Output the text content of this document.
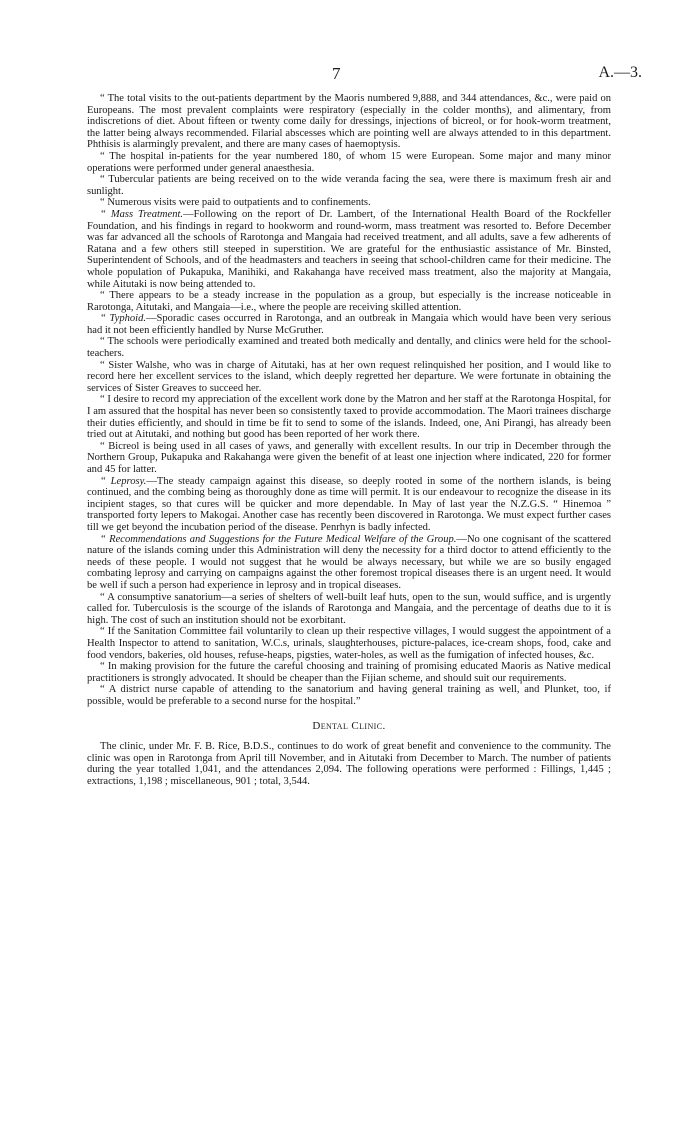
7	A.—3.

“ The total visits to the out-patients department by the Maoris numbered 9,888, and 344 attendances, &c., were paid on Europeans. The most prevalent complaints were respiratory (especially in the colder months), and alimentary, from indiscretions of diet. About fifteen or twenty come daily for dressings, injections of bicreol, or for hook-worm treatment, the latter being always recommended. Filarial abscesses which are pointing well are always attended to in this department. Phthisis is alarmingly prevalent, and there are many cases of haemoptysis.

“ The hospital in-patients for the year numbered 180, of whom 15 were European. Some major and many minor operations were performed under general anaesthesia.

“ Tubercular patients are being received on to the wide veranda facing the sea, were there is maximum fresh air and sunlight.

“ Numerous visits were paid to outpatients and to confinements.

“ Mass Treatment.—Following on the report of Dr. Lambert, of the International Health Board of the Rockfeller Foundation, and his findings in regard to hookworm and round-worm, mass treatment was resorted to. Before December was far advanced all the schools of Rarotonga and Mangaia had received treatment, and all adults, save a few adherents of Ratana and a few others still steeped in superstition. We are grateful for the enthusiastic assistance of Mr. Binsted, Superintendent of Schools, and of the headmasters and teachers in seeing that school-children came for their medicine. The whole population of Pukapuka, Manihiki, and Rakahanga have received mass treatment, also the majority at Mangaia, while Aitutaki is now being attended to.

“ There appears to be a steady increase in the population as a group, but especially is the increase noticeable in Rarotonga, Aitutaki, and Mangaia—i.e., where the people are receiving skilled attention.

“ Typhoid.—Sporadic cases occurred in Rarotonga, and an outbreak in Mangaia which would have been very serious had it not been efficiently handled by Nurse McGruther.

“ The schools were periodically examined and treated both medically and dentally, and clinics were held for the school-teachers.

“ Sister Walshe, who was in charge of Aitutaki, has at her own request relinquished her position, and I would like to record here her excellent services to the island, which deeply regretted her departure. We were fortunate in obtaining the services of Sister Greaves to succeed her.

“ I desire to record my appreciation of the excellent work done by the Matron and her staff at the Rarotonga Hospital, for I am assured that the hospital has never been so consistently taxed to provide accommodation. The Maori trainees discharge their duties efficiently, and should in time be fit to send to some of the islands. Indeed, one, Ani Pirangi, has already been tried out at Aitutaki, and nothing but good has been reported of her work there.

“ Bicreol is being used in all cases of yaws, and generally with excellent results. In our trip in December through the Northern Group, Pukapuka and Rakahanga were given the benefit of at least one injection where indicated, 220 for former and 45 for latter.

“ Leprosy.—The steady campaign against this disease, so deeply rooted in some of the northern islands, is being continued, and the combing being as thoroughly done as time will permit. It is our endeavour to recognize the disease in its incipient stages, so that cures will be quicker and more dependable. In May of last year the N.Z.G.S. “ Hinemoa ” transported forty lepers to Makogai. Another case has recently been discovered in Rarotonga. We must expect further cases till we get beyond the incubation period of the disease. Penrhyn is badly infected.

“ Recommendations and Suggestions for the Future Medical Welfare of the Group.—No one cognisant of the scattered nature of the islands coming under this Administration will deny the necessity for a third doctor to attend efficiently to the needs of these people. I would not suggest that he would be always necessary, but while we are so busily engaged combating leprosy and carrying on campaigns against the other foremost tropical diseases there is an urgent need. It would be well if such a person had experience in leprosy and in tropical diseases.

“ A consumptive sanatorium—a series of shelters of well-built leaf huts, open to the sun, would suffice, and is urgently called for. Tuberculosis is the scourge of the islands of Rarotonga and Mangaia, and the percentage of deaths due to it is high. The cost of such an institution should not be exorbitant.

“ If the Sanitation Committee fail voluntarily to clean up their respective villages, I would suggest the appointment of a Health Inspector to attend to sanitation, W.C.s, urinals, slaughterhouses, picture-palaces, ice-cream shops, food, cake and food vendors, bakeries, old houses, refuse-heaps, pigsties, water-holes, as well as the fumigation of infected houses, &c.

“ In making provision for the future the careful choosing and training of promising educated Maoris as Native medical practitioners is strongly advocated. It should be cheaper than the Fijian scheme, and should suit our requirements.

“ A district nurse capable of attending to the sanatorium and having general training as well, and Plunket, too, if possible, would be preferable to a second nurse for the hospital.”

Dental Clinic.

The clinic, under Mr. F. B. Rice, B.D.S., continues to do work of great benefit and convenience to the community. The clinic was open in Rarotonga from April till November, and in Aitutaki from December to March. The number of patients during the year totalled 1,041, and the attendances 2,094. The following operations were performed : Fillings, 1,445 ; extractions, 1,198 ; miscellaneous, 901 ; total, 3,544.
